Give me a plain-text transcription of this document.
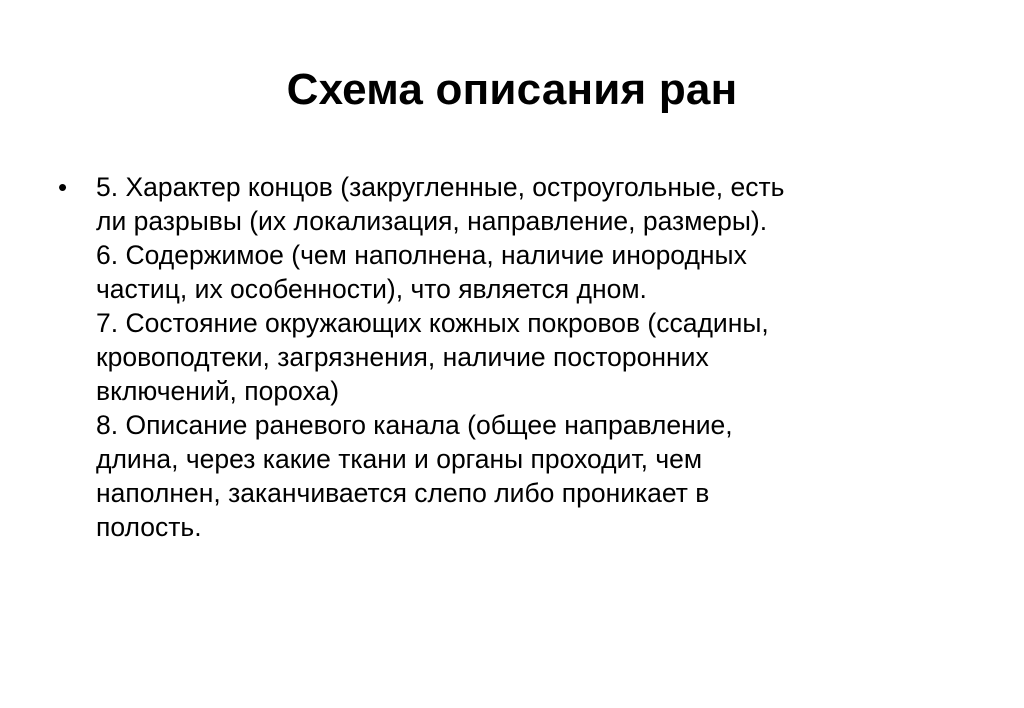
Схема описания ран
•	5. Характер концов (закругленные, остроугольные, есть
ли разрывы (их локализация, направление, размеры).
6. Содержимое (чем наполнена, наличие инородных
частиц, их особенности), что является дном.
7. Состояние окружающих кожных покровов (ссадины,
кровоподтеки, загрязнения, наличие посторонних
включений, пороха)
8. Описание раневого канала (общее направление,
длина, через какие ткани и органы проходит, чем
наполнен, заканчивается слепо либо проникает в
полость.
